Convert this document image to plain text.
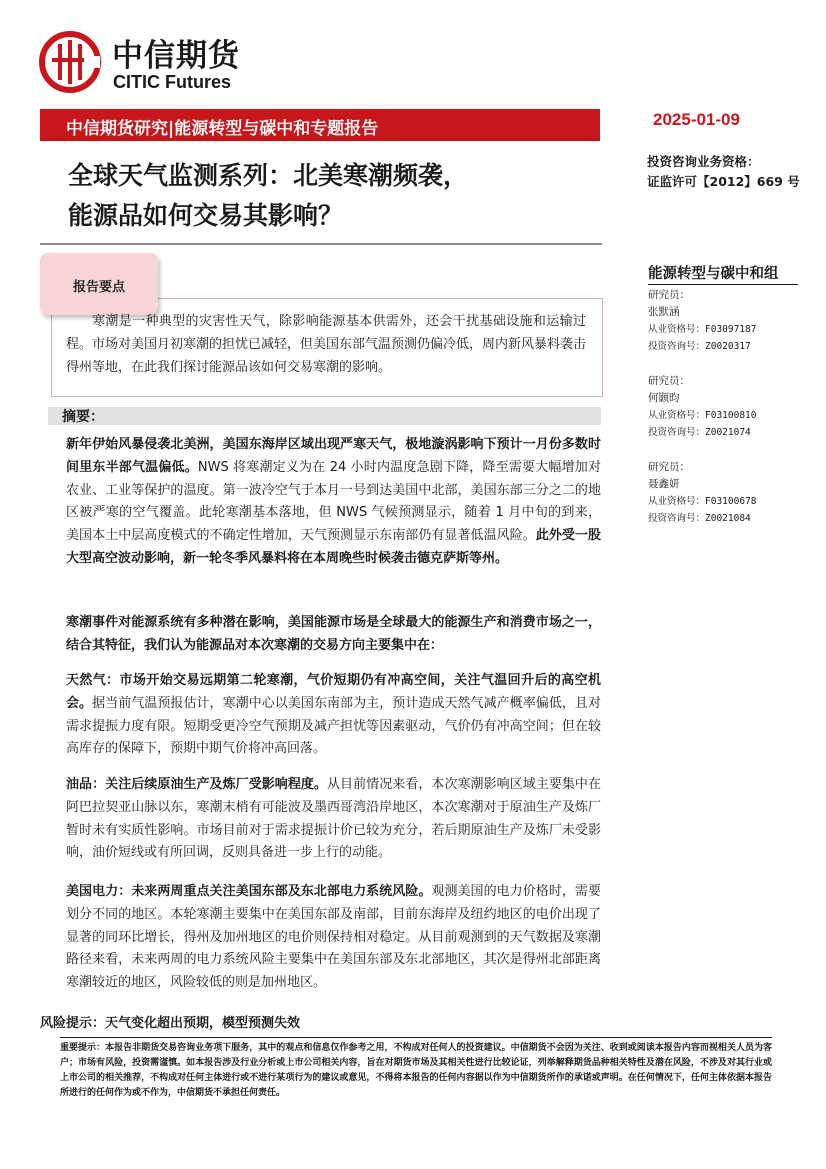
中信期货
CITIC Futures
中信期货研究|能源转型与碳中和专题报告	2025-01-09
全球天气监测系列：北美寒潮频袭，
能源品如何交易其影响？
投资咨询业务资格：
证监许可【2012】669 号
能源转型与碳中和组
研究员：
张默涵
从业资格号：F03097187
投资咨询号：Z0020317
研究员：
何颢昀
从业资格号：F03100810
投资咨询号：Z0021074
研究员：
聂鑫妍
从业资格号：F03100678
投资咨询号：Z0021084
报告要点
寒潮是一种典型的灾害性天气，除影响能源基本供需外，还会干扰基础设施和运输过程。市场对美国月初寒潮的担忧已减轻，但美国东部气温预测仍偏冷低，周内新风暴料袭击得州等地，在此我们探讨能源品该如何交易寒潮的影响。
摘要：
新年伊始风暴侵袭北美洲，美国东海岸区域出现严寒天气，极地漩涡影响下预计一月份多数时间里东半部气温偏低。NWS 将寒潮定义为在 24 小时内温度急剧下降，降至需要大幅增加对农业、工业等保护的温度。第一波冷空气于本月一号到达美国中北部，美国东部三分之二的地区被严寒的空气覆盖。此轮寒潮基本落地，但 NWS 气候预测显示，随着 1 月中旬的到来，美国本土中层高度模式的不确定性增加，天气预测显示东南部仍有显著低温风险。此外受一股大型高空波动影响，新一轮冬季风暴料将在本周晚些时候袭击德克萨斯等州。
寒潮事件对能源系统有多种潜在影响，美国能源市场是全球最大的能源生产和消费市场之一，结合其特征，我们认为能源品对本次寒潮的交易方向主要集中在：
天然气：市场开始交易远期第二轮寒潮，气价短期仍有冲高空间，关注气温回升后的高空机会。据当前气温预报估计，寒潮中心以美国东南部为主，预计造成天然气减产概率偏低，且对需求提振力度有限。短期受更冷空气预期及减产担忧等因素驱动，气价仍有冲高空间；但在较高库存的保障下，预期中期气价将冲高回落。
油品：关注后续原油生产及炼厂受影响程度。从目前情况来看，本次寒潮影响区域主要集中在阿巴拉契亚山脉以东，寒潮末梢有可能波及墨西哥湾沿岸地区，本次寒潮对于原油生产及炼厂暂时未有实质性影响。市场目前对于需求提振计价已较为充分，若后期原油生产及炼厂未受影响，油价短线或有所回调，反则具备进一步上行的动能。
美国电力：未来两周重点关注美国东部及东北部电力系统风险。观测美国的电力价格时，需要划分不同的地区。本轮寒潮主要集中在美国东部及南部，目前东海岸及纽约地区的电价出现了显著的同环比增长，得州及加州地区的电价则保持相对稳定。从目前观测到的天气数据及寒潮路径来看，未来两周的电力系统风险主要集中在美国东部及东北部地区，其次是得州北部距离寒潮较近的地区，风险较低的则是加州地区。
风险提示：天气变化超出预期，模型预测失效
重要提示：本报告非期货交易咨询业务项下服务，其中的观点和信息仅作参考之用，不构成对任何人的投资建议。中信期货不会因为关注、收到或阅读本报告内容而视相关人员为客户；市场有风险，投资需谨慎。如本报告涉及行业分析或上市公司相关内容，旨在对期货市场及其相关性进行比较论证，列举解释期货品种相关特性及潜在风险，不涉及对其行业或上市公司的相关推荐，不构成对任何主体进行或不进行某项行为的建议或意见，不得将本报告的任何内容据以作为中信期货所作的承诺或声明。在任何情况下，任何主体依据本报告所进行的任何作为或不作为，中信期货不承担任何责任。
